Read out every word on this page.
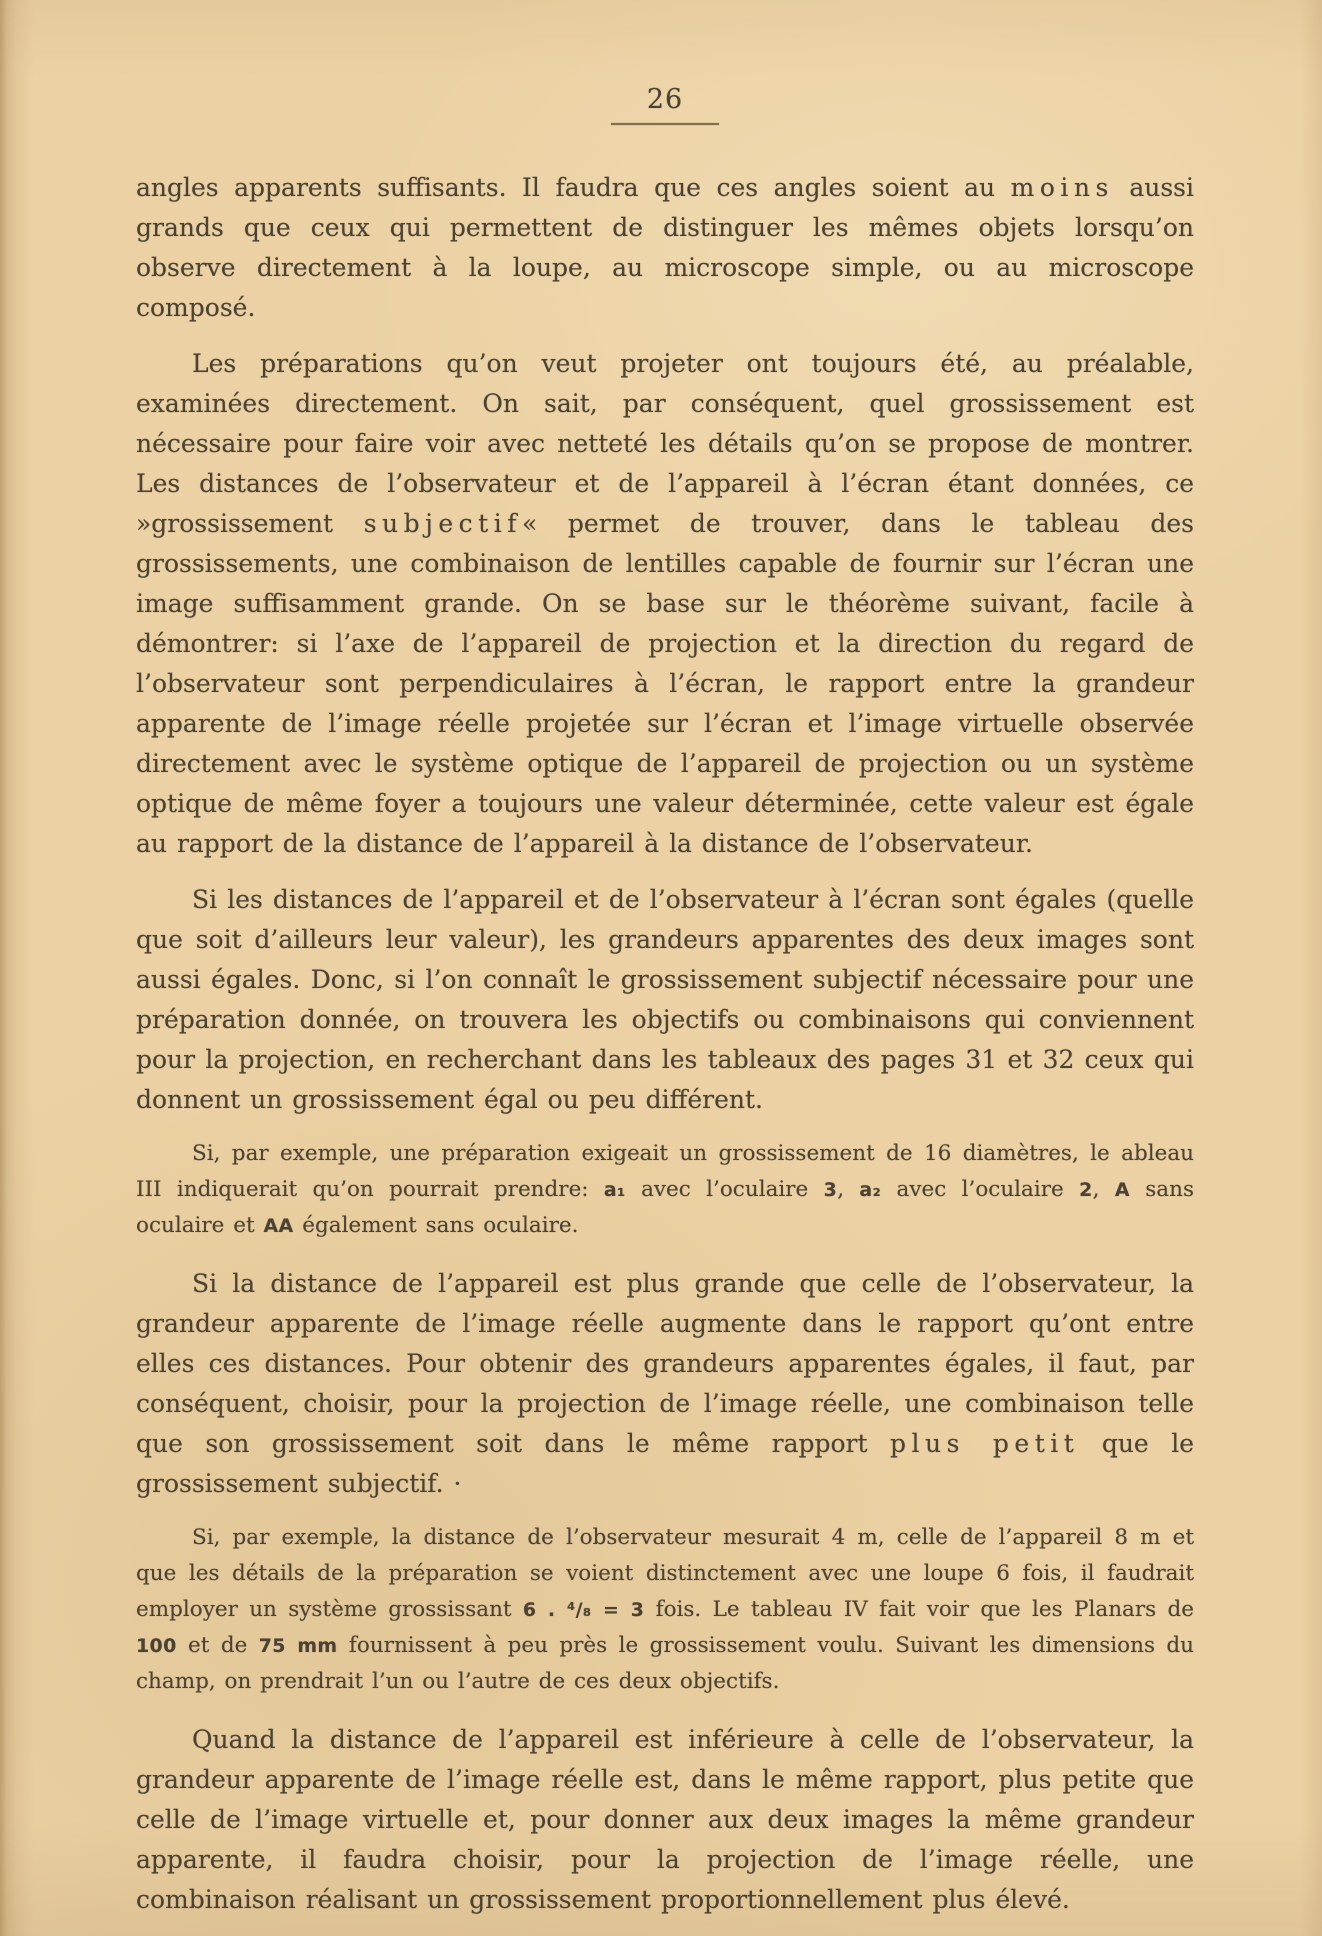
26

angles apparents suffisants. Il faudra que ces angles soient au moins aussi grands que ceux qui permettent de distinguer les mêmes objets lorsqu’on observe directement à la loupe, au microscope simple, ou au microscope composé.

Les préparations qu’on veut projeter ont toujours été, au préalable, examinées directement. On sait, par conséquent, quel grossissement est nécessaire pour faire voir avec netteté les détails qu’on se propose de montrer. Les distances de l’observateur et de l’appareil à l’écran étant données, ce »grossissement subjectif« permet de trouver, dans le tableau des grossissements, une combinaison de lentilles capable de fournir sur l’écran une image suffisamment grande. On se base sur le théorème suivant, facile à démontrer: si l’axe de l’appareil de projection et la direction du regard de l’observateur sont perpendiculaires à l’écran, le rapport entre la grandeur apparente de l’image réelle projetée sur l’écran et l’image virtuelle observée directement avec le système optique de l’appareil de projection ou un système optique de même foyer a toujours une valeur déterminée, cette valeur est égale au rapport de la distance de l’appareil à la distance de l’observateur.

Si les distances de l’appareil et de l’observateur à l’écran sont égales (quelle que soit d’ailleurs leur valeur), les grandeurs apparentes des deux images sont aussi égales. Donc, si l’on connaît le grossissement subjectif nécessaire pour une préparation donnée, on trouvera les objectifs ou combinaisons qui conviennent pour la projection, en recherchant dans les tableaux des pages 31 et 32 ceux qui donnent un grossissement égal ou peu différent.

Si, par exemple, une préparation exigeait un grossissement de 16 diamètres, le ableau III indiquerait qu’on pourrait prendre: a₁ avec l’oculaire 3, a₂ avec l’oculaire 2, A sans oculaire et AA également sans oculaire.

Si la distance de l’appareil est plus grande que celle de l’observateur, la grandeur apparente de l’image réelle augmente dans le rapport qu’ont entre elles ces distances. Pour obtenir des grandeurs apparentes égales, il faut, par conséquent, choisir, pour la projection de l’image réelle, une combinaison telle que son grossissement soit dans le même rapport plus petit que le grossissement subjectif. ·

Si, par exemple, la distance de l’observateur mesurait 4 m, celle de l’appareil 8 m et que les détails de la préparation se voient distinctement avec une loupe 6 fois, il faudrait employer un système grossissant 6 . ⁴/₈ = 3 fois. Le tableau IV fait voir que les Planars de 100 et de 75 mm fournissent à peu près le grossissement voulu. Suivant les dimensions du champ, on prendrait l’un ou l’autre de ces deux objectifs.

Quand la distance de l’appareil est inférieure à celle de l’observateur, la grandeur apparente de l’image réelle est, dans le même rapport, plus petite que celle de l’image virtuelle et, pour donner aux deux images la même grandeur apparente, il faudra choisir, pour la projection de l’image réelle, une combinaison réalisant un grossissement proportionnellement plus élevé.
